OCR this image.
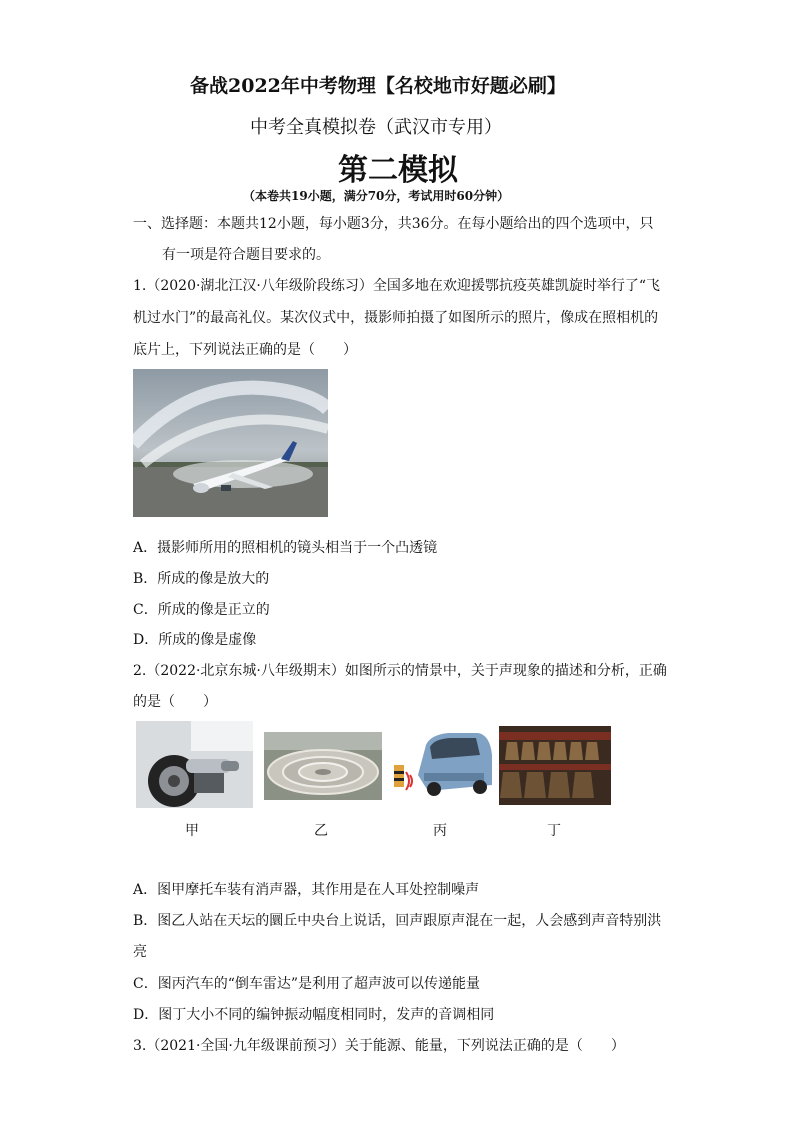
备战2022年中考物理【名校地市好题必刷】
中考全真模拟卷（武汉市专用）
第二模拟
（本卷共19小题，满分70分，考试用时60分钟）
一、选择题：本题共12小题，每小题3分，共36分。在每小题给出的四个选项中，只
有一项是符合题目要求的。
1.（2020·湖北江汉·八年级阶段练习）全国多地在欢迎援鄂抗疫英雄凯旋时举行了“飞
机过水门”的最高礼仪。某次仪式中，摄影师拍摄了如图所示的照片，像成在照相机的
底片上，下列说法正确的是（　　）
A．摄影师所用的照相机的镜头相当于一个凸透镜
B．所成的像是放大的
C．所成的像是正立的
D．所成的像是虚像
2.（2022·北京东城·八年级期末）如图所示的情景中，关于声现象的描述和分析，正确
的是（　　）
甲	乙	丙	丁
A．图甲摩托车装有消声器，其作用是在人耳处控制噪声
B．图乙人站在天坛的圜丘中央台上说话，回声跟原声混在一起，人会感到声音特别洪
亮
C．图丙汽车的“倒车雷达”是利用了超声波可以传递能量
D．图丁大小不同的编钟振动幅度相同时，发声的音调相同
3.（2021·全国·九年级课前预习）关于能源、能量，下列说法正确的是（　　）
